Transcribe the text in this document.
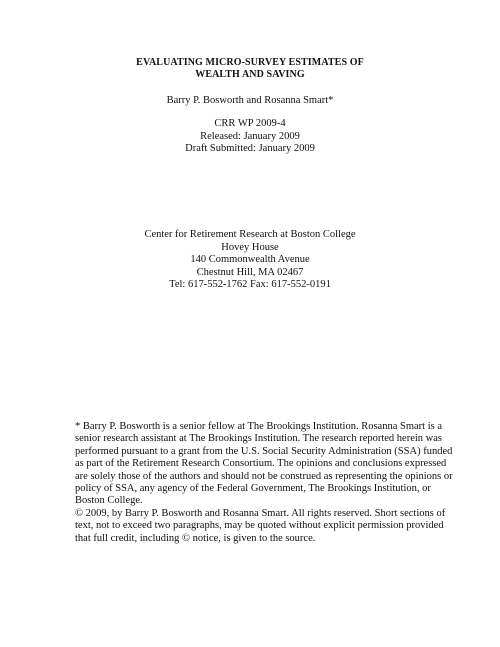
EVALUATING MICRO-SURVEY ESTIMATES OF
WEALTH AND SAVING
Barry P. Bosworth and Rosanna Smart*
CRR WP 2009-4
Released: January 2009
Draft Submitted: January 2009
Center for Retirement Research at Boston College
Hovey House
140 Commonwealth Avenue
Chestnut Hill, MA 02467
Tel: 617-552-1762 Fax: 617-552-0191
* Barry P. Bosworth is a senior fellow at The Brookings Institution. Rosanna Smart is a
senior research assistant at The Brookings Institution. The research reported herein was
performed pursuant to a grant from the U.S. Social Security Administration (SSA) funded
as part of the Retirement Research Consortium. The opinions and conclusions expressed
are solely those of the authors and should not be construed as representing the opinions or
policy of SSA, any agency of the Federal Government, The Brookings Institution, or
Boston College.
© 2009, by Barry P. Bosworth and Rosanna Smart. All rights reserved. Short sections of
text, not to exceed two paragraphs, may be quoted without explicit permission provided
that full credit, including © notice, is given to the source.
